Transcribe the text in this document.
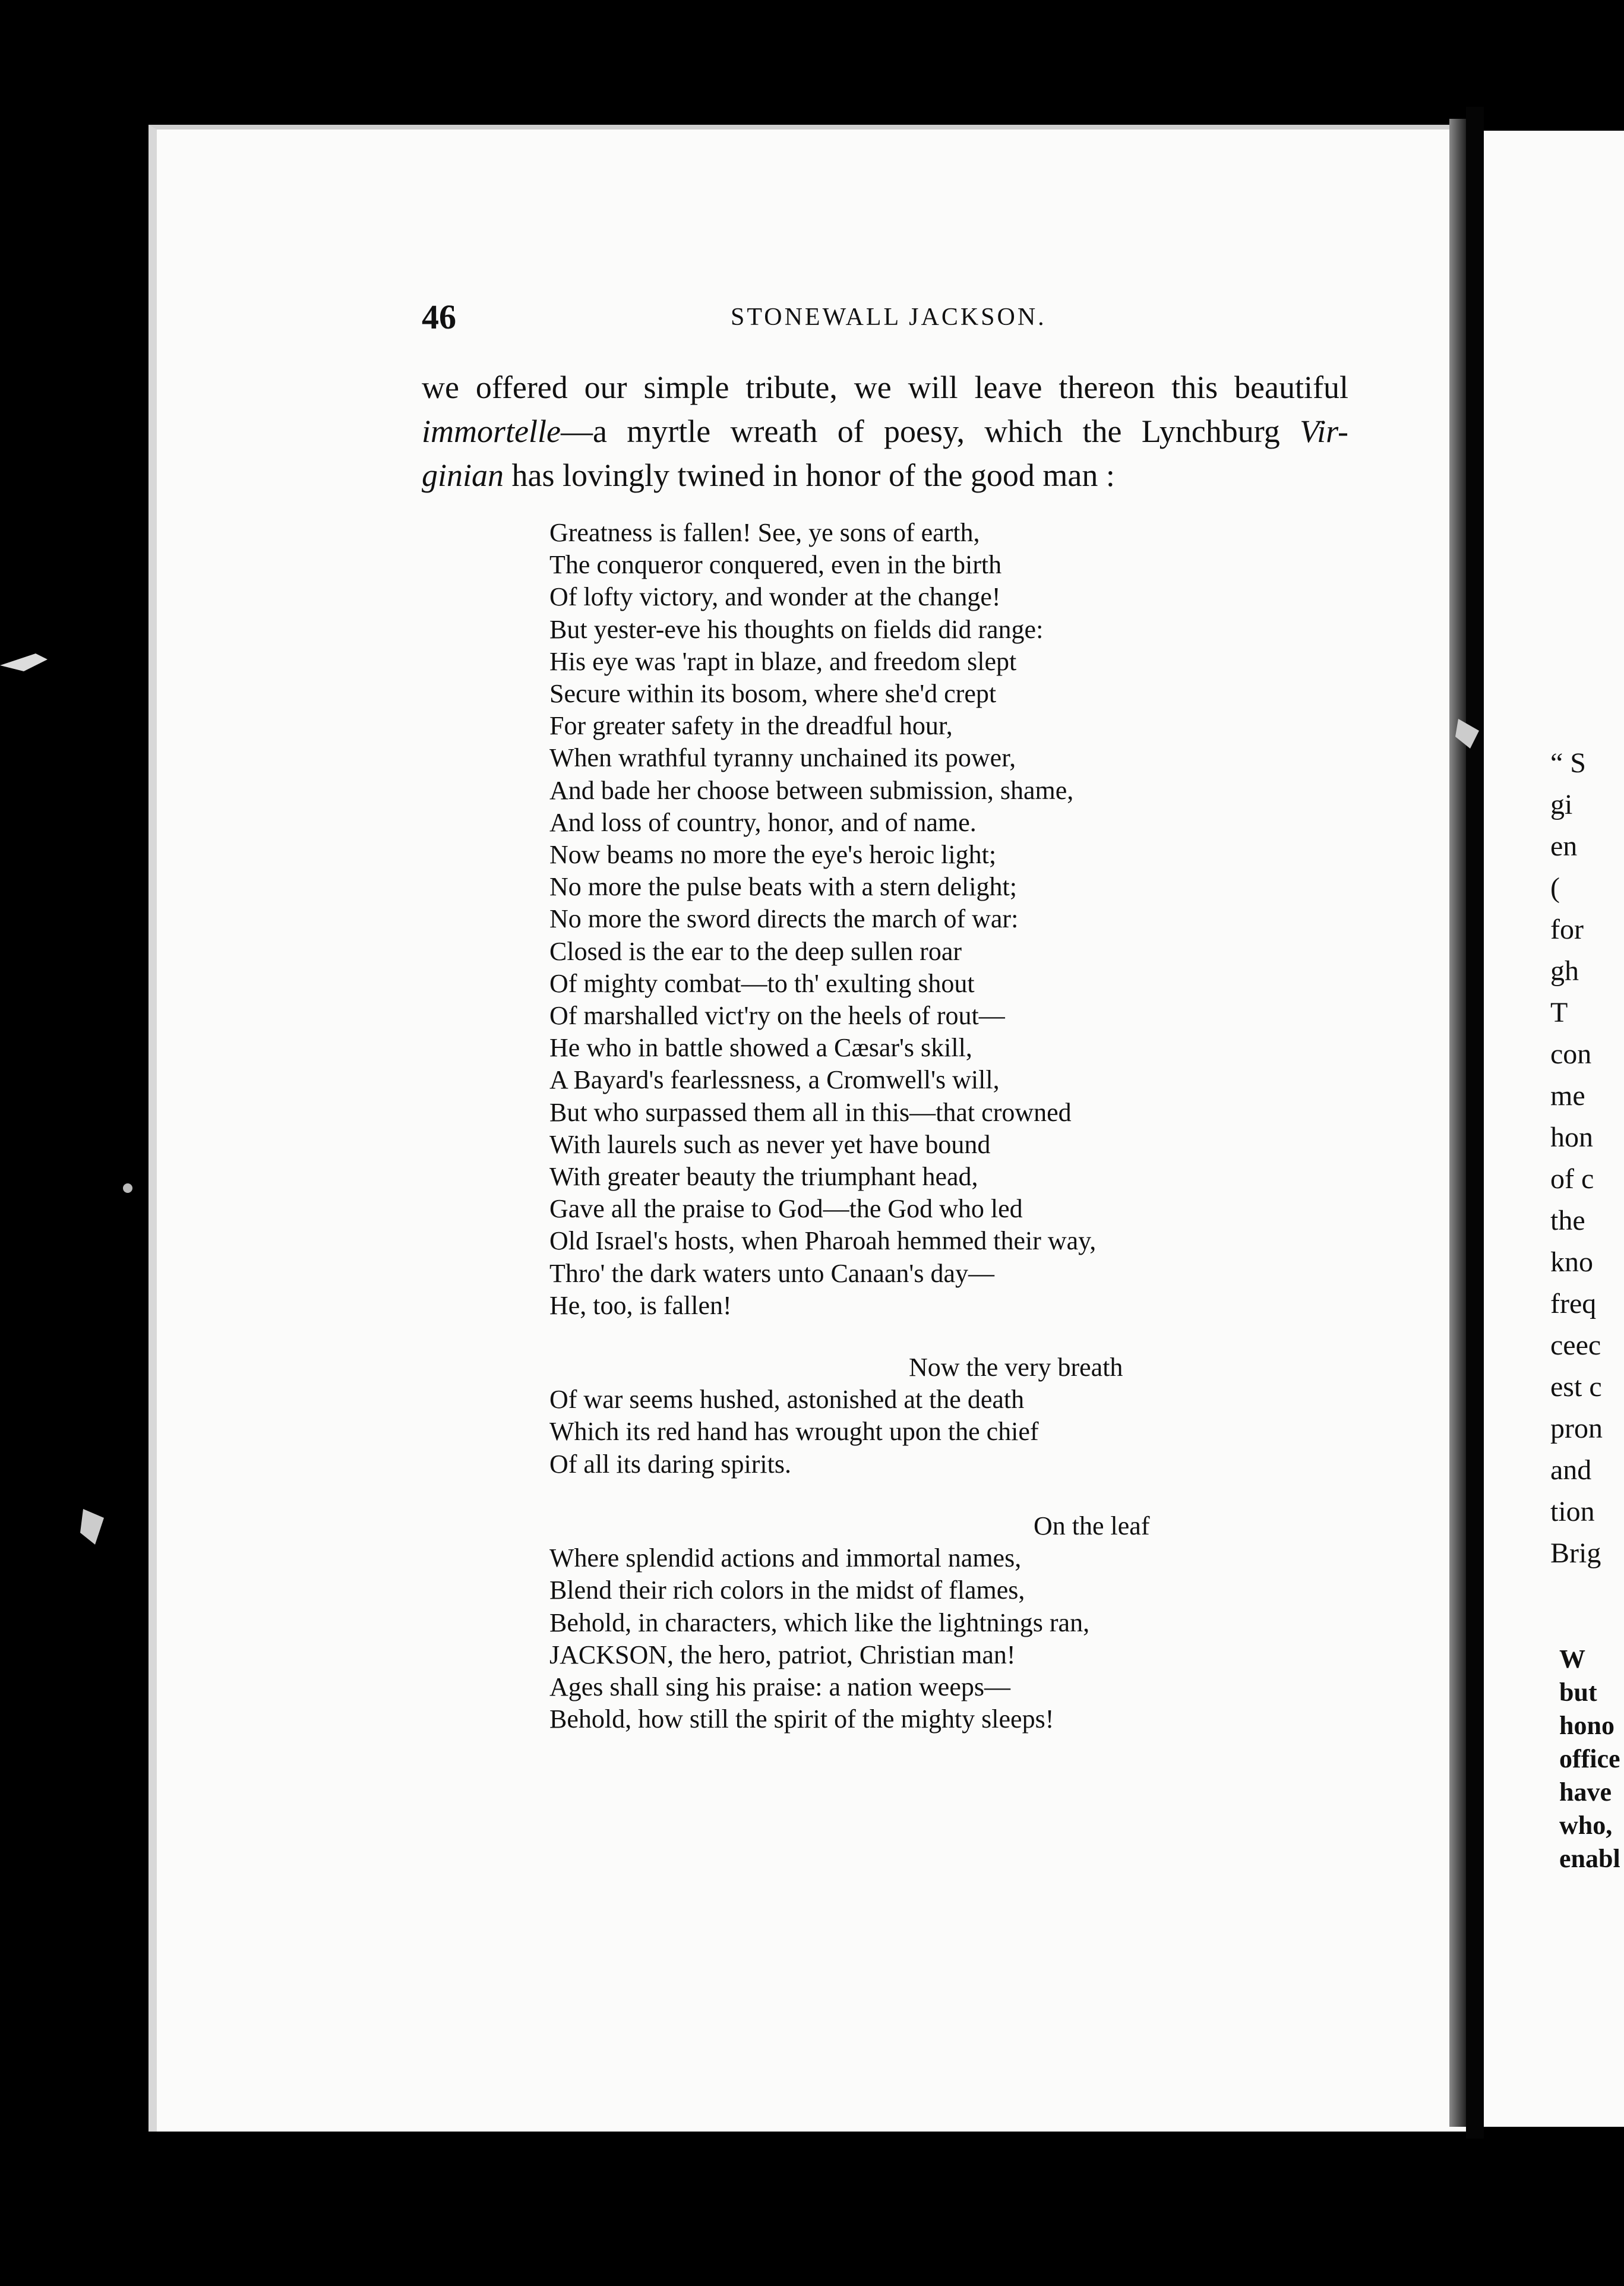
46	STONEWALL JACKSON.
we offered our simple tribute, we will leave thereon this beautiful
immortelle—a myrtle wreath of poesy, which the Lynchburg Vir-
ginian has lovingly twined in honor of the good man :
Greatness is fallen! See, ye sons of earth,
The conqueror conquered, even in the birth
Of lofty victory, and wonder at the change!
But yester-eve his thoughts on fields did range:
His eye was 'rapt in blaze, and freedom slept
Secure within its bosom, where she'd crept
For greater safety in the dreadful hour,
When wrathful tyranny unchained its power,
And bade her choose between submission, shame,
And loss of country, honor, and of name.
Now beams no more the eye's heroic light;
No more the pulse beats with a stern delight;
No more the sword directs the march of war:
Closed is the ear to the deep sullen roar
Of mighty combat—to th' exulting shout
Of marshalled vict'ry on the heels of rout—
He who in battle showed a Cæsar's skill,
A Bayard's fearlessness, a Cromwell's will,
But who surpassed them all in this—that crowned
With laurels such as never yet have bound
With greater beauty the triumphant head,
Gave all the praise to God—the God who led
Old Israel's hosts, when Pharoah hemmed their way,
Thro' the dark waters unto Canaan's day—
He, too, is fallen!
Now the very breath
Of war seems hushed, astonished at the death
Which its red hand has wrought upon the chief
Of all its daring spirits.
On the leaf
Where splendid actions and immortal names,
Blend their rich colors in the midst of flames,
Behold, in characters, which like the lightnings ran,
JACKSON, the hero, patriot, Christian man!
Ages shall sing his praise: a nation weeps—
Behold, how still the spirit of the mighty sleeps!
“ S
gi
en
(
for
gh
T
con
me
hon
of c
the
kno
freq
ceec
est c
pron
and
tion
Brig
W
but
hono
office
have
who,
enabl
